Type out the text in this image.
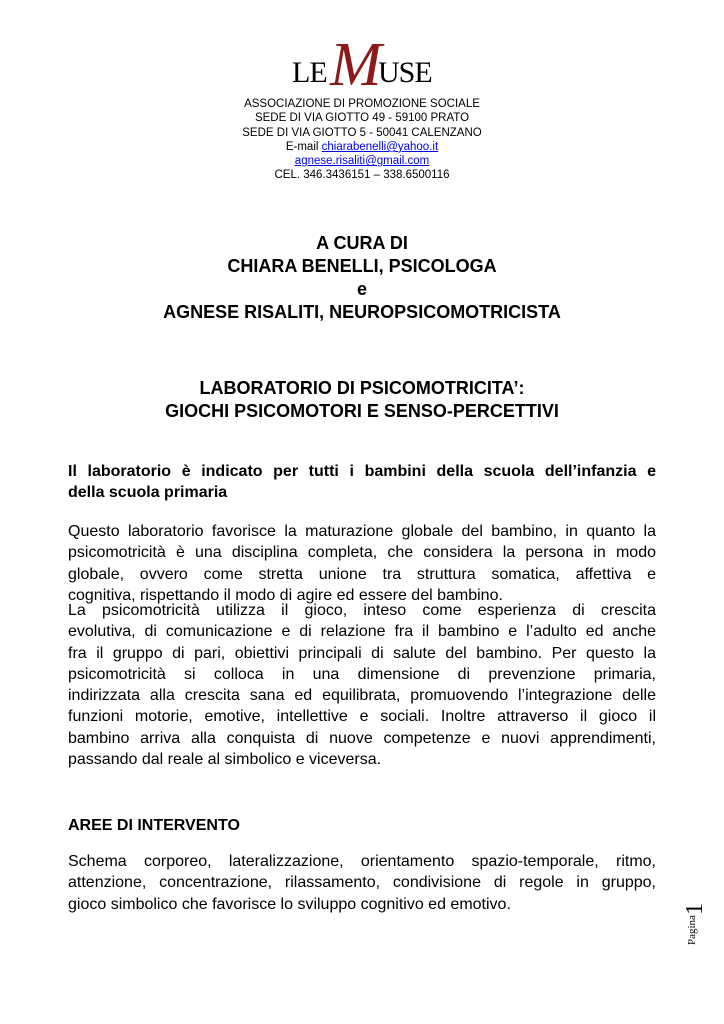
LE M
USE
ASSOCIAZIONE DI PROMOZIONE SOCIALE
SEDE DI VIA GIOTTO 49 - 59100 PRATO
SEDE DI VIA GIOTTO 5 - 50041 CALENZANO
E-mail chiarabenelli@yahoo.it
agnese.risaliti@gmail.com
CEL. 346.3436151 – 338.6500116
A CURA DI
CHIARA BENELLI, PSICOLOGA
e
AGNESE RISALITI, NEUROPSICOMOTRICISTA
LABORATORIO DI PSICOMOTRICITA’:
GIOCHI PSICOMOTORI E SENSO-PERCETTIVI
Il laboratorio è indicato per tutti i bambini della scuola dell’infanzia e
della scuola primaria
Questo laboratorio favorisce la maturazione globale del bambino, in quanto la
psicomotricità è una disciplina completa, che considera la persona in modo
globale, ovvero come stretta unione tra struttura somatica, affettiva e
cognitiva, rispettando il modo di agire ed essere del bambino.
La psicomotricità utilizza il gioco, inteso come esperienza di crescita
evolutiva, di comunicazione e di relazione fra il bambino e l’adulto ed anche
fra il gruppo di pari, obiettivi principali di salute del bambino. Per questo la
psicomotricità si colloca in una dimensione di prevenzione primaria,
indirizzata alla crescita sana ed equilibrata, promuovendo l’integrazione delle
funzioni motorie, emotive, intellettive e sociali. Inoltre attraverso il gioco il
bambino arriva alla conquista di nuove competenze e nuovi apprendimenti,
passando dal reale al simbolico e viceversa.
AREE DI INTERVENTO
Schema corporeo, lateralizzazione, orientamento spazio-temporale, ritmo,
attenzione, concentrazione, rilassamento, condivisione di regole in gruppo,
gioco simbolico che favorisce lo sviluppo cognitivo ed emotivo.
Pagina
1
